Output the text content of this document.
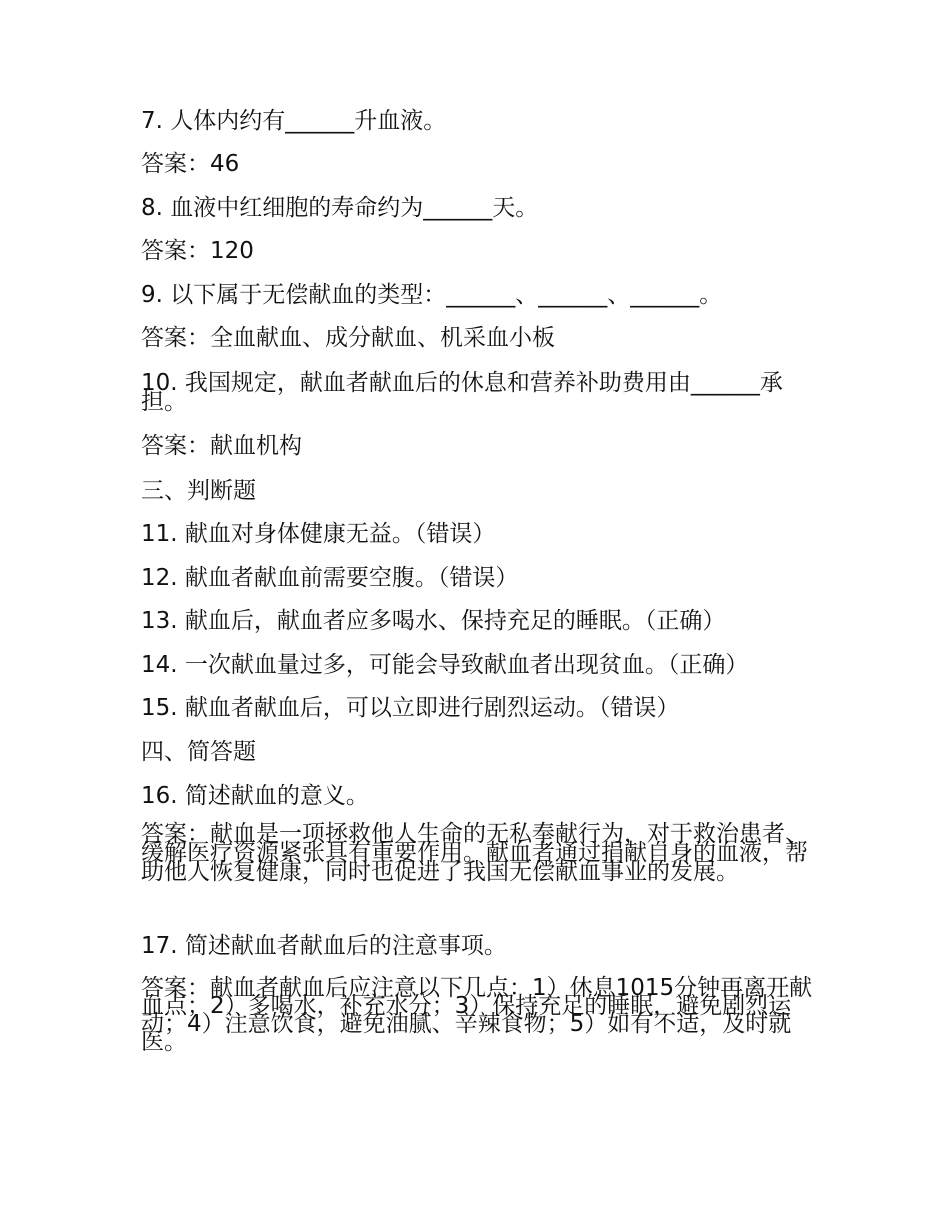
7. 人体内约有______升血液。
答案：46
8. 血液中红细胞的寿命约为______天。
答案：120
9. 以下属于无偿献血的类型：______、______、______。
答案：全血献血、成分献血、机采血小板
10. 我国规定，献血者献血后的休息和营养补助费用由______承担。
答案：献血机构
三、判断题
11. 献血对身体健康无益。（错误）
12. 献血者献血前需要空腹。（错误）
13. 献血后，献血者应多喝水、保持充足的睡眠。（正确）
14. 一次献血量过多，可能会导致献血者出现贫血。（正确）
15. 献血者献血后，可以立即进行剧烈运动。（错误）
四、简答题
16. 简述献血的意义。
答案：献血是一项拯救他人生命的无私奉献行为，对于救治患者、缓解医疗资源紧张具有重要作用。献血者通过捐献自身的血液，帮助他人恢复健康，同时也促进了我国无偿献血事业的发展。
17. 简述献血者献血后的注意事项。
答案：献血者献血后应注意以下几点：1）休息1015分钟再离开献血点；2）多喝水，补充水分；3）保持充足的睡眠，避免剧烈运动；4）注意饮食，避免油腻、辛辣食物；5）如有不适，及时就医。
